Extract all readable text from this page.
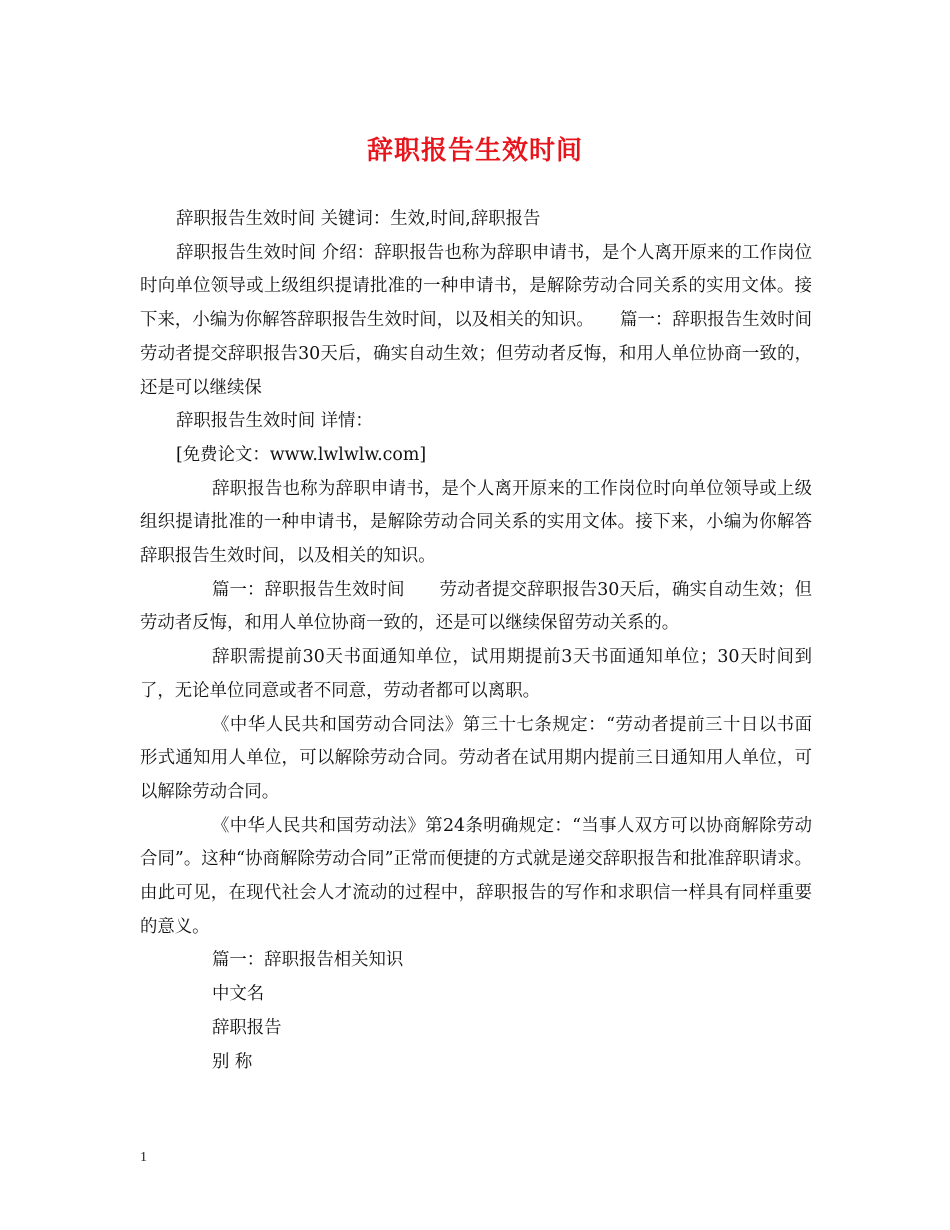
辞职报告生效时间

辞职报告生效时间 关键词：生效,时间,辞职报告

辞职报告生效时间 介绍：辞职报告也称为辞职申请书，是个人离开原来的工作岗位时向单位领导或上级组织提请批准的一种申请书，是解除劳动合同关系的实用文体。接下来，小编为你解答辞职报告生效时间，以及相关的知识。　　篇一：辞职报告生效时间　　劳动者提交辞职报告30天后，确实自动生效；但劳动者反悔，和用人单位协商一致的，还是可以继续保

辞职报告生效时间 详情：

[免费论文：www.lwlwlw.com]

辞职报告也称为辞职申请书，是个人离开原来的工作岗位时向单位领导或上级组织提请批准的一种申请书，是解除劳动合同关系的实用文体。接下来，小编为你解答辞职报告生效时间，以及相关的知识。

篇一：辞职报告生效时间　　劳动者提交辞职报告30天后，确实自动生效；但劳动者反悔，和用人单位协商一致的，还是可以继续保留劳动关系的。

辞职需提前30天书面通知单位，试用期提前3天书面通知单位；30天时间到了，无论单位同意或者不同意，劳动者都可以离职。

《中华人民共和国劳动合同法》第三十七条规定：“劳动者提前三十日以书面形式通知用人单位，可以解除劳动合同。劳动者在试用期内提前三日通知用人单位，可以解除劳动合同。

《中华人民共和国劳动法》第24条明确规定：“当事人双方可以协商解除劳动合同”。这种“协商解除劳动合同”正常而便捷的方式就是递交辞职报告和批准辞职请求。由此可见，在现代社会人才流动的过程中，辞职报告的写作和求职信一样具有同样重要的意义。

篇一：辞职报告相关知识

中文名

辞职报告

别 称

1
